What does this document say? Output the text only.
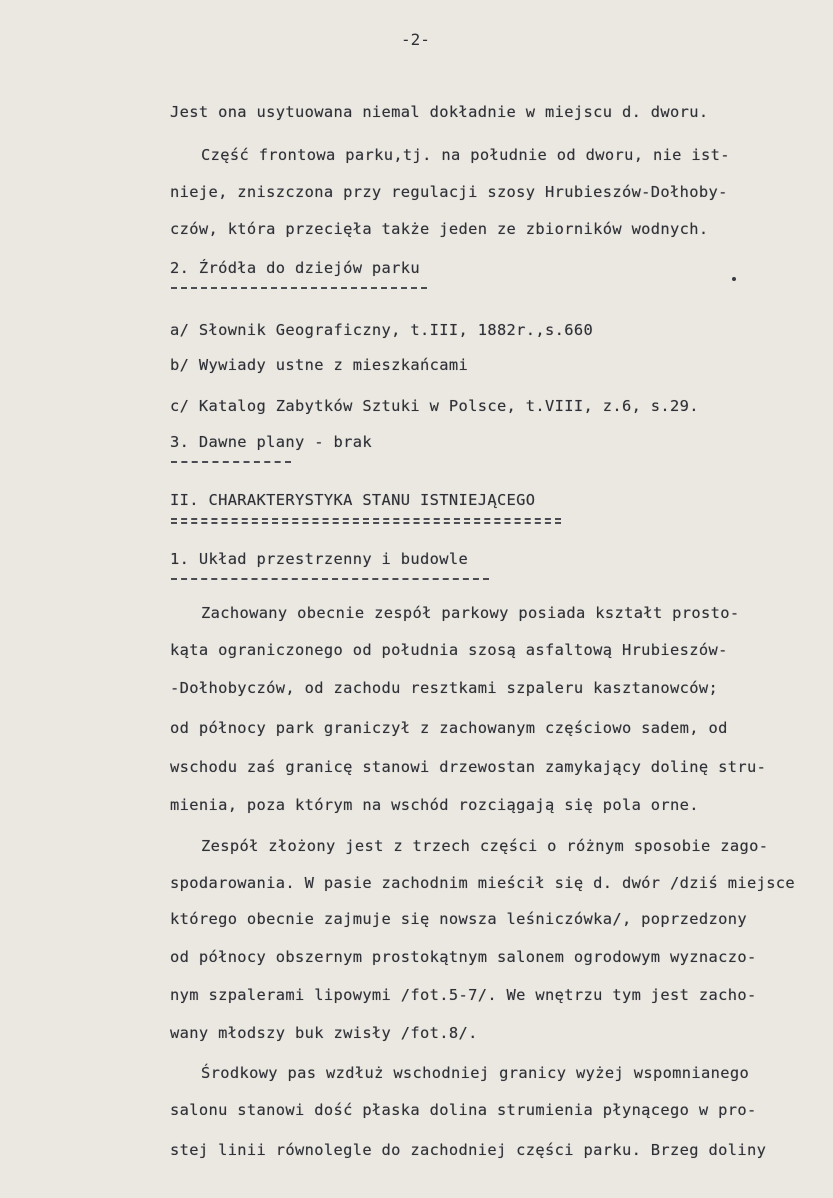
-2-
Jest ona usytuowana niemal dokładnie w miejscu d. dworu.
Część frontowa parku,tj. na południe od dworu, nie ist-
nieje, zniszczona przy regulacji szosy Hrubieszów-Dołhoby-
czów, która przecięła także jeden ze zbiorników wodnych.
2. Źródła do dziejów parku
a/ Słownik Geograficzny, t.III, 1882r.,s.660
b/ Wywiady ustne z mieszkańcami
c/ Katalog Zabytków Sztuki w Polsce, t.VIII, z.6, s.29.
3. Dawne plany - brak
II. CHARAKTERYSTYKA STANU ISTNIEJĄCEGO
1. Układ przestrzenny i budowle
Zachowany obecnie zespół parkowy posiada kształt prosto-
kąta ograniczonego od południa szosą asfaltową Hrubieszów-
-Dołhobyczów, od zachodu resztkami szpaleru kasztanowców;
od północy park graniczył z zachowanym częściowo sadem, od
wschodu zaś granicę stanowi drzewostan zamykający dolinę stru-
mienia, poza którym na wschód rozciągają się pola orne.
Zespół złożony jest z trzech części o różnym sposobie zago-
spodarowania. W pasie zachodnim mieścił się d. dwór /dziś miejsce
którego obecnie zajmuje się nowsza leśniczówka/, poprzedzony
od północy obszernym prostokątnym salonem ogrodowym wyznaczo-
nym szpalerami lipowymi /fot.5-7/. We wnętrzu tym jest zacho-
wany młodszy buk zwisły /fot.8/.
Środkowy pas wzdłuż wschodniej granicy wyżej wspomnianego
salonu stanowi dość płaska dolina strumienia płynącego w pro-
stej linii równolegle do zachodniej części parku. Brzeg doliny
